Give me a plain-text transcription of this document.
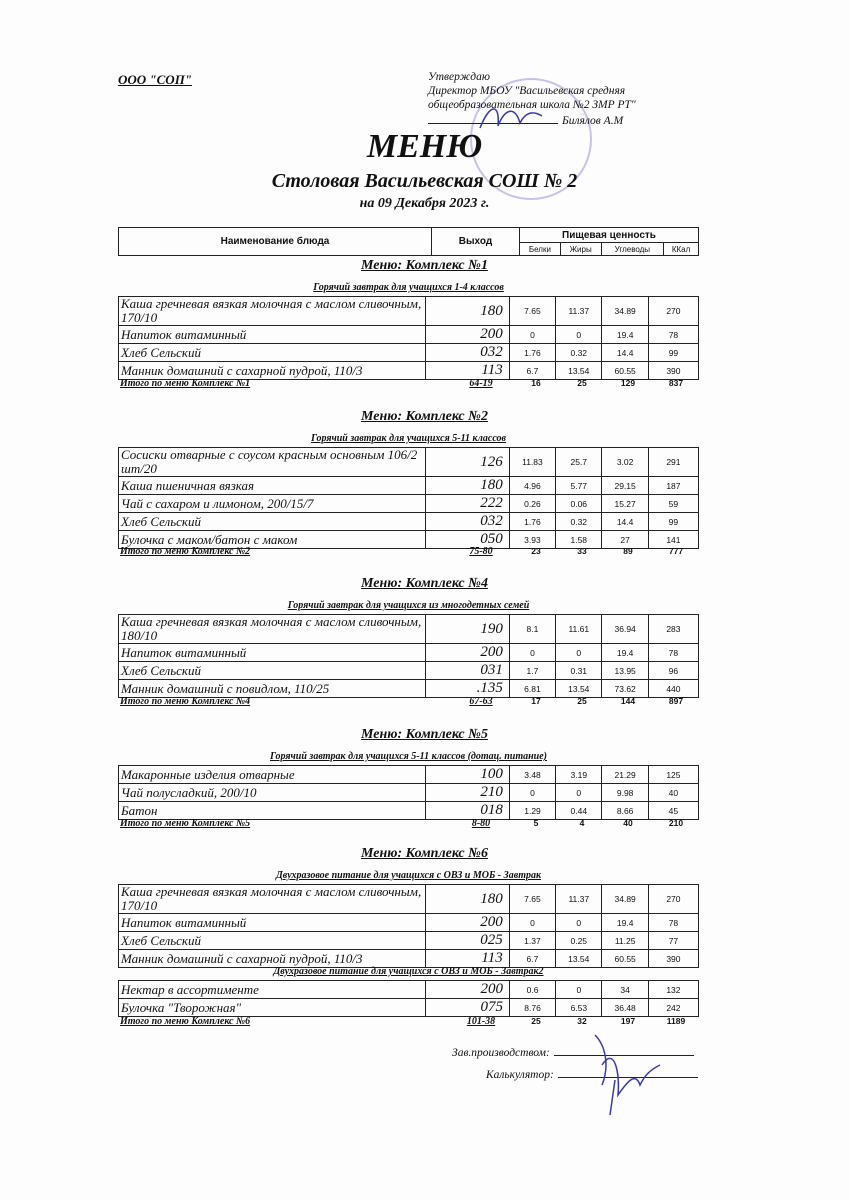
ООО "СОП"	Утверждаю
Директор МБОУ "Васильевская средняя
общеобразовательная школа №2 ЗМР РТ"
Билялов А.М
МЕНЮ
Столовая Васильевская СОШ № 2
на 09 Декабря 2023 г.
Наименование блюда	Выход	Пищевая ценность			
		Белки	Жиры	Углеводы	ККал
Меню: Комплекс №1
Горячий завтрак для учащихся 1-4 классов
Каша гречневая вязкая молочная с маслом сливочным, 170/10	180	7.65	11.37	34.89	270
Напиток витаминный	200	0	0	19.4	78
Хлеб Сельский	032	1.76	0.32	14.4	99
Манник домашний с сахарной пудрой, 110/3	113	6.7	13.54	60.55	390
Итого по меню Комплекс №1	64-19	16	25	129	837
Меню: Комплекс №2
Горячий завтрак для учащихся 5-11 классов
Сосиски отварные с соусом красным основным 106/2 шт/20	126	11.83	25.7	3.02	291
Каша пшеничная вязкая	180	4.96	5.77	29.15	187
Чай с сахаром и лимоном, 200/15/7	222	0.26	0.06	15.27	59
Хлеб Сельский	032	1.76	0.32	14.4	99
Булочка с маком/батон с маком	050	3.93	1.58	27	141
Итого по меню Комплекс №2	75-80	23	33	89	777
Меню: Комплекс №4
Горячий завтрак для учащихся из многодетных семей
Каша гречневая вязкая молочная с маслом сливочным, 180/10	190	8.1	11.61	36.94	283
Напиток витаминный	200	0	0	19.4	78
Хлеб Сельский	031	1.7	0.31	13.95	96
Манник домашний с повидлом, 110/25	.135	6.81	13.54	73.62	440
Итого по меню Комплекс №4	67-63	17	25	144	897
Меню: Комплекс №5
Горячий завтрак для учащихся 5-11 классов (дотац. питание)
Макаронные изделия отварные	100	3.48	3.19	21.29	125
Чай полусладкий, 200/10	210	0	0	9.98	40
Батон	018	1.29	0.44	8.66	45
Итого по меню Комплекс №5	8-80	5	4	40	210
Меню: Комплекс №6
Двухразовое питание для учащихся с ОВЗ и МОБ - Завтрак
Каша гречневая вязкая молочная с маслом сливочным, 170/10	180	7.65	11.37	34.89	270
Напиток витаминный	200	0	0	19.4	78
Хлеб Сельский	025	1.37	0.25	11.25	77
Манник домашний с сахарной пудрой, 110/3	113	6.7	13.54	60.55	390
Двухразовое питание для учащихся с ОВЗ и МОБ - Завтрак2
Нектар в ассортименте	200	0.6	0	34	132
Булочка "Творожная"	075	8.76	6.53	36.48	242
Итого по меню Комплекс №6	101-38	25	32	197	1189
Зав.производством:
Калькулятор:
